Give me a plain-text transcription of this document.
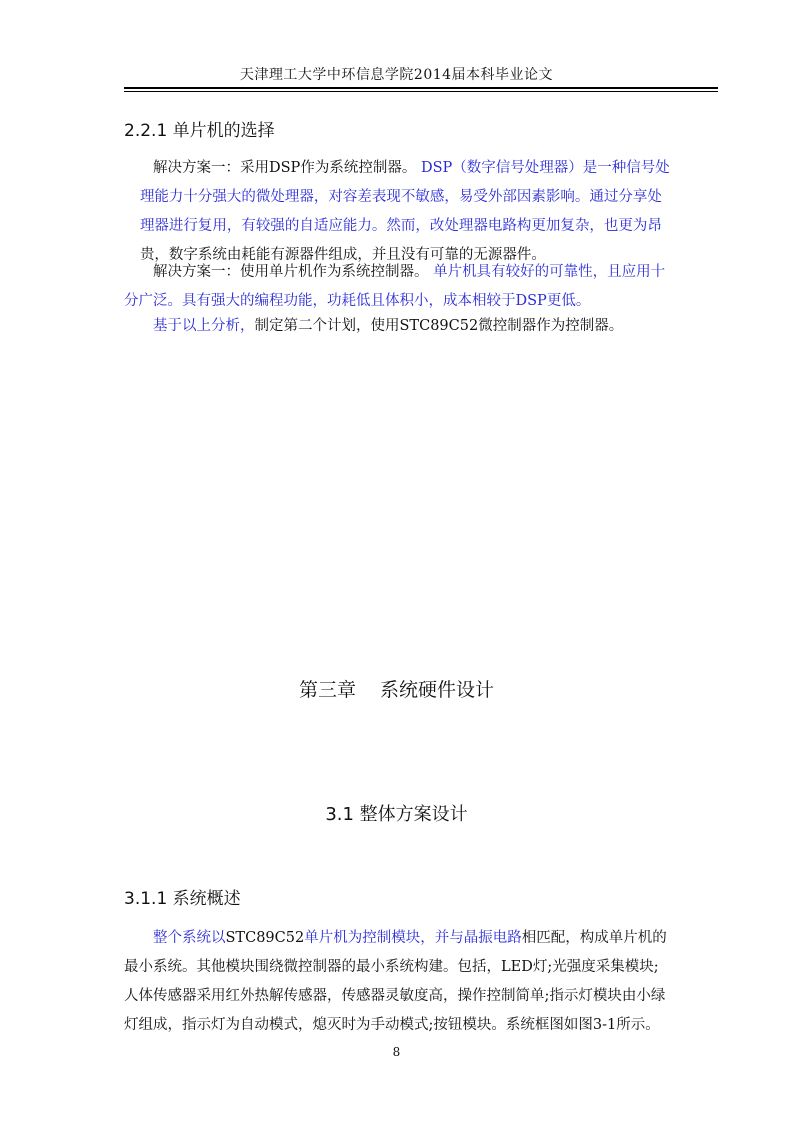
天津理工大学中环信息学院2014届本科毕业论文
2.2.1 单片机的选择
解决方案一：采用DSP作为系统控制器。 DSP（数字信号处理器）是一种信号处
理能力十分强大的微处理器，对容差表现不敏感，易受外部因素影响。通过分享处
理器进行复用，有较强的自适应能力。然而，改处理器电路构更加复杂，也更为昂
贵，数字系统由耗能有源器件组成，并且没有可靠的无源器件。
解决方案一：使用单片机作为系统控制器。 单片机具有较好的可靠性，且应用十
分广泛。具有强大的编程功能，功耗低且体积小，成本相较于DSP更低。
基于以上分析，制定第二个计划，使用STC89C52微控制器作为控制器。
第三章 系统硬件设计
3.1 整体方案设计
3.1.1 系统概述
整个系统以STC89C52单片机为控制模块，并与晶振电路相匹配，构成单片机的
最小系统。其他模块围绕微控制器的最小系统构建。包括，LED灯;光强度采集模块;
人体传感器采用红外热解传感器，传感器灵敏度高，操作控制简单;指示灯模块由小绿
灯组成，指示灯为自动模式，熄灭时为手动模式;按钮模块。系统框图如图3-1所示。
8
